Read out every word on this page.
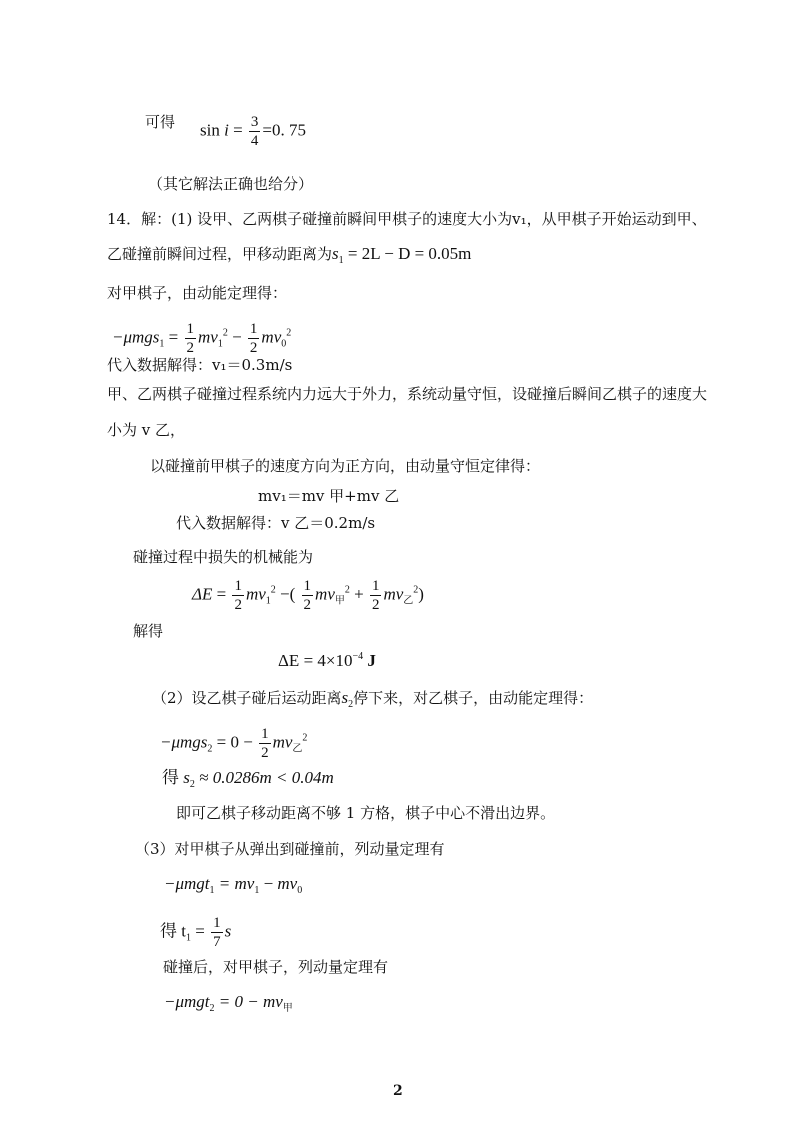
可得 $\sin i = \frac{3}{4} =0$. 75
（其它解法正确也给分）
14．解：(1) 设甲、乙两棋子碰撞前瞬间甲棋子的速度大小为v₁，从甲棋子开始运动到甲、
乙碰撞前瞬间过程，甲移动距离为$s_1 = 2L - D = 0.05m$
对甲棋子，由动能定理得：
$-\mu mgs_1 = \frac{1}{2} mv_1^2 - \frac{1}{2} mv_0^2$
代入数据解得：v₁＝0.3m/s
甲、乙两棋子碰撞过程系统内力远大于外力，系统动量守恒，设碰撞后瞬间乙棋子的速度大
小为 v 乙，
以碰撞前甲棋子的速度方向为正方向，由动量守恒定律得：
mv₁＝mv 甲+mv 乙
代入数据解得：v 乙＝0.2m/s
碰撞过程中损失的机械能为
$\Delta E = \frac{1}{2} mv_1^2$ −( $\frac{1}{2} mv_甲^2 + \frac{1}{2} mv_乙^2$)
解得
$\Delta E = 4\times 10^{-4}$ J
（2）设乙棋子碰后运动距离$s_2$停下来，对乙棋子，由动能定理得：
$-\mu mgs_2 = 0 - \frac{1}{2} mv_乙^2$
得 $s_2 \approx 0.0286m < 0.04m$
即可乙棋子移动距离不够 1 方格，棋子中心不滑出边界。
（3）对甲棋子从弹出到碰撞前，列动量定理有
$-\mu mgt_1 = mv_1 - mv_0$
得 $t_1 = \frac{1}{7}$ s
碰撞后，对甲棋子，列动量定理有
$-\mu mgt_2 = 0 - mv_甲$
2
